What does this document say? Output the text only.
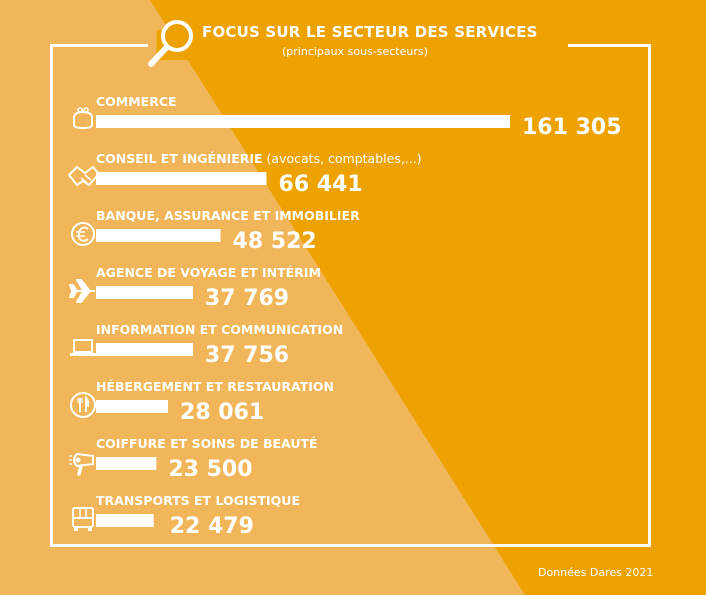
FOCUS SUR LE SECTEUR DES SERVICES
(principaux sous-secteurs)
COMMERCE
161 305
CONSEIL ET INGÉNIERIE (avocats, comptables,...)
66 441
BANQUE, ASSURANCE ET IMMOBILIER
48 522
AGENCE DE VOYAGE ET INTÉRIM
37 769
INFORMATION ET COMMUNICATION
37 756
HÉBERGEMENT ET RESTAURATION
28 061
COIFFURE ET SOINS DE BEAUTÉ
23 500
TRANSPORTS ET LOGISTIQUE
22 479
Données Dares 2021
